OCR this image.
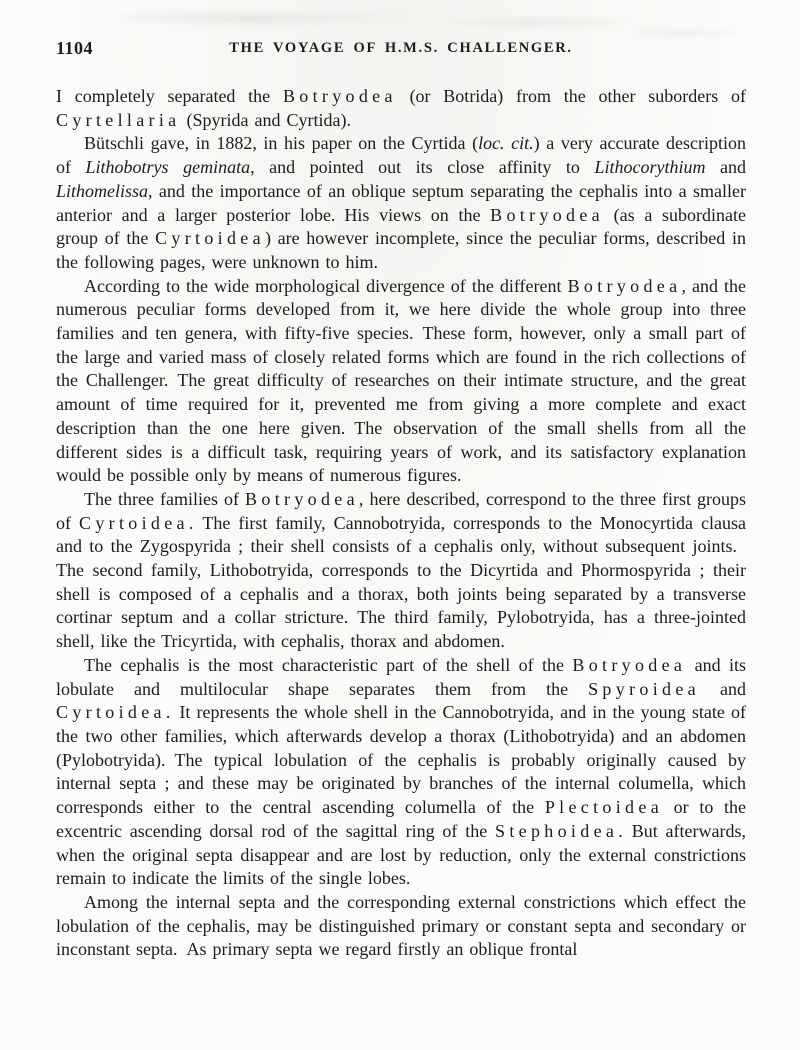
1104	THE VOYAGE OF H.M.S. CHALLENGER.

I completely separated the Botryodea (or Botrida) from the other suborders of Cyrtellaria (Spyrida and Cyrtida).

Bütschli gave, in 1882, in his paper on the Cyrtida (loc. cit.) a very accurate description of Lithobotrys geminata, and pointed out its close affinity to Lithocorythium and Lithomelissa, and the importance of an oblique septum separating the cephalis into a smaller anterior and a larger posterior lobe. His views on the Botryodea (as a subordinate group of the Cyrtoidea) are however incomplete, since the peculiar forms, described in the following pages, were unknown to him.

According to the wide morphological divergence of the different Botryodea, and the numerous peculiar forms developed from it, we here divide the whole group into three families and ten genera, with fifty-five species. These form, however, only a small part of the large and varied mass of closely related forms which are found in the rich collections of the Challenger. The great difficulty of researches on their intimate structure, and the great amount of time required for it, prevented me from giving a more complete and exact description than the one here given. The observation of the small shells from all the different sides is a difficult task, requiring years of work, and its satisfactory explanation would be possible only by means of numerous figures.

The three families of Botryodea, here described, correspond to the three first groups of Cyrtoidea. The first family, Cannobotryida, corresponds to the Monocyrtida clausa and to the Zygospyrida ; their shell consists of a cephalis only, without subsequent joints. The second family, Lithobotryida, corresponds to the Dicyrtida and Phormospyrida ; their shell is composed of a cephalis and a thorax, both joints being separated by a transverse cortinar septum and a collar stricture. The third family, Pylobotryida, has a three-jointed shell, like the Tricyrtida, with cephalis, thorax and abdomen.

The cephalis is the most characteristic part of the shell of the Botryodea and its lobulate and multilocular shape separates them from the Spyroidea and Cyrtoidea. It represents the whole shell in the Cannobotryida, and in the young state of the two other families, which afterwards develop a thorax (Lithobotryida) and an abdomen (Pylobotryida). The typical lobulation of the cephalis is probably originally caused by internal septa ; and these may be originated by branches of the internal columella, which corresponds either to the central ascending columella of the Plectoidea or to the excentric ascending dorsal rod of the sagittal ring of the Stephoidea. But afterwards, when the original septa disappear and are lost by reduction, only the external constrictions remain to indicate the limits of the single lobes.

Among the internal septa and the corresponding external constrictions which effect the lobulation of the cephalis, may be distinguished primary or constant septa and secondary or inconstant septa. As primary septa we regard firstly an oblique frontal
